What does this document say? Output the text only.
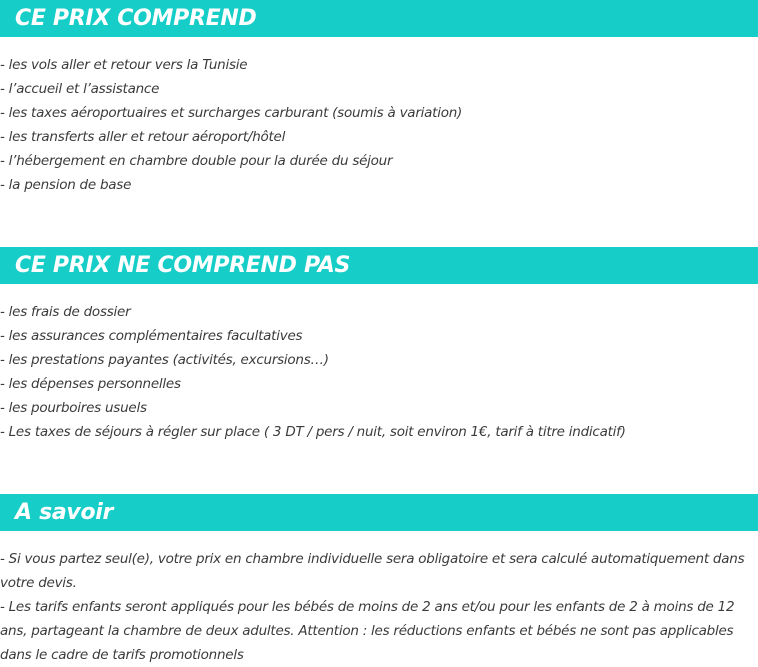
CE PRIX COMPREND
- les vols aller et retour vers la Tunisie
- l’accueil et l’assistance
- les taxes aéroportuaires et surcharges carburant (soumis à variation)
- les transferts aller et retour aéroport/hôtel
- l’hébergement en chambre double pour la durée du séjour
- la pension de base
CE PRIX NE COMPREND PAS
- les frais de dossier
- les assurances complémentaires facultatives
- les prestations payantes (activités, excursions…)
- les dépenses personnelles
- les pourboires usuels
- Les taxes de séjours à régler sur place ( 3 DT / pers / nuit, soit environ 1€, tarif à titre indicatif)
A savoir
- Si vous partez seul(e), votre prix en chambre individuelle sera obligatoire et sera calculé automatiquement dans votre devis.
- Les tarifs enfants seront appliqués pour les bébés de moins de 2 ans et/ou pour les enfants de 2 à moins de 12 ans, partageant la chambre de deux adultes. Attention : les réductions enfants et bébés ne sont pas applicables dans le cadre de tarifs promotionnels
